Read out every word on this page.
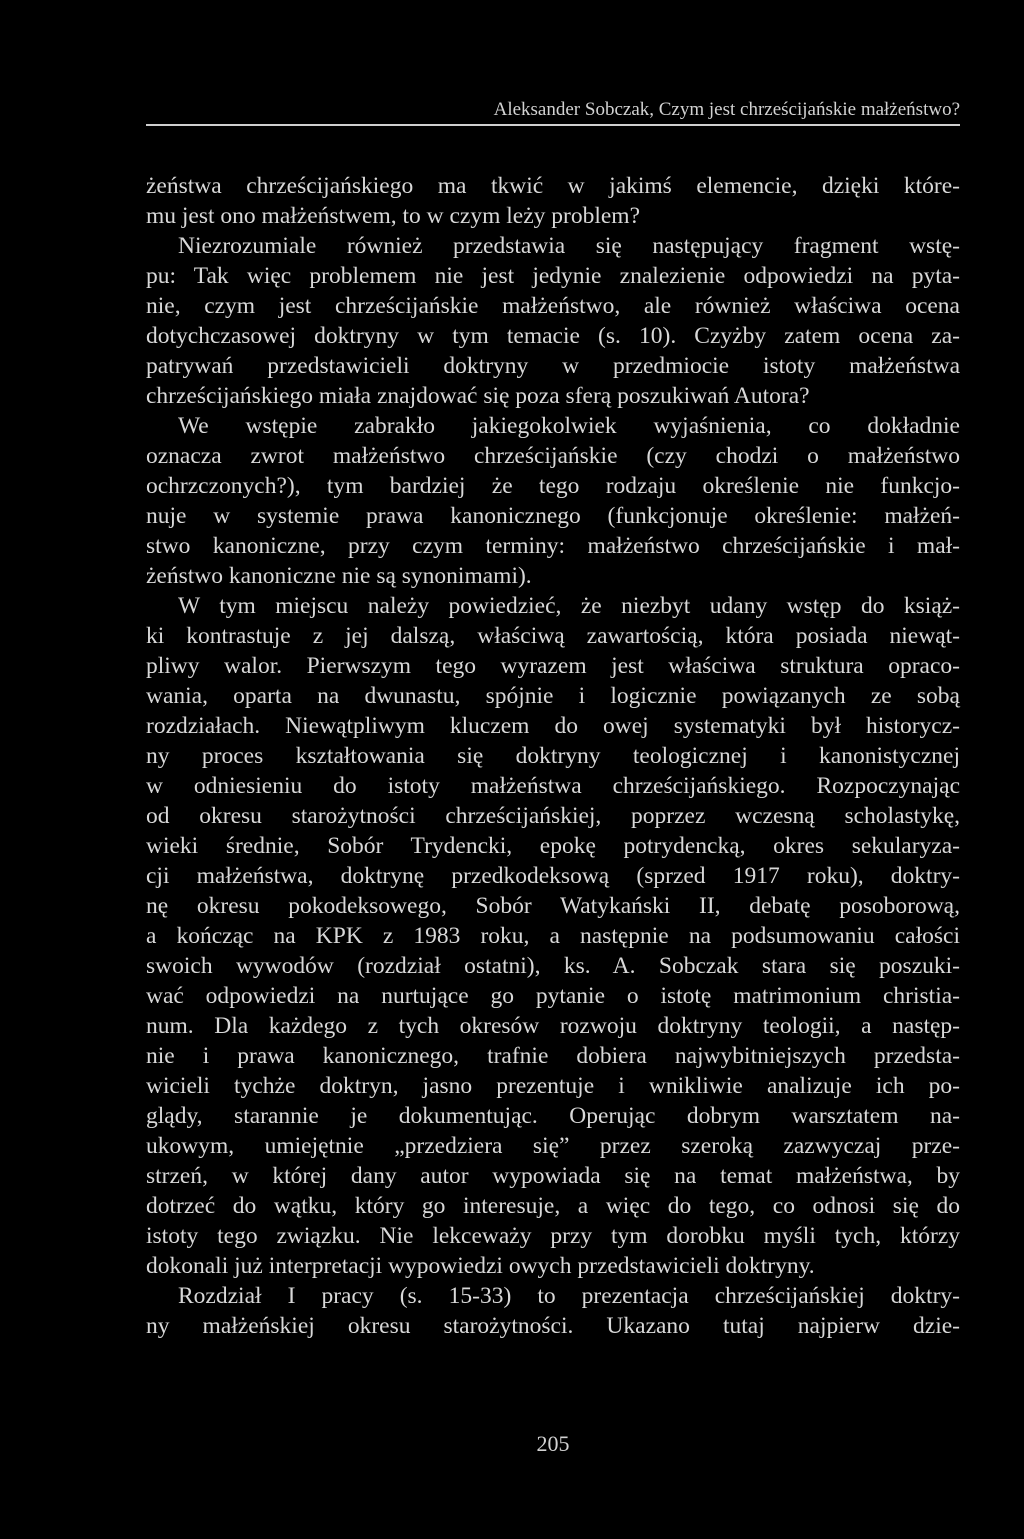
Aleksander Sobczak, Czym jest chrześcijańskie małżeństwo?
żeństwa chrześcijańskiego ma tkwić w jakimś elemencie, dzięki które-
mu jest ono małżeństwem, to w czym leży problem?
Niezrozumiale również przedstawia się następujący fragment wstę-
pu: Tak więc problemem nie jest jedynie znalezienie odpowiedzi na pyta-
nie, czym jest chrześcijańskie małżeństwo, ale również właściwa ocena
dotychczasowej doktryny w tym temacie (s. 10). Czyżby zatem ocena za-
patrywań przedstawicieli doktryny w przedmiocie istoty małżeństwa
chrześcijańskiego miała znajdować się poza sferą poszukiwań Autora?
We wstępie zabrakło jakiegokolwiek wyjaśnienia, co dokładnie
oznacza zwrot małżeństwo chrześcijańskie (czy chodzi o małżeństwo
ochrzczonych?), tym bardziej że tego rodzaju określenie nie funkcjo-
nuje w systemie prawa kanonicznego (funkcjonuje określenie: małżeń-
stwo kanoniczne, przy czym terminy: małżeństwo chrześcijańskie i mał-
żeństwo kanoniczne nie są synonimami).
W tym miejscu należy powiedzieć, że niezbyt udany wstęp do książ-
ki kontrastuje z jej dalszą, właściwą zawartością, która posiada niewąt-
pliwy walor. Pierwszym tego wyrazem jest właściwa struktura opraco-
wania, oparta na dwunastu, spójnie i logicznie powiązanych ze sobą
rozdziałach. Niewątpliwym kluczem do owej systematyki był historycz-
ny proces kształtowania się doktryny teologicznej i kanonistycznej
w odniesieniu do istoty małżeństwa chrześcijańskiego. Rozpoczynając
od okresu starożytności chrześcijańskiej, poprzez wczesną scholastykę,
wieki średnie, Sobór Trydencki, epokę potrydencką, okres sekularyza-
cji małżeństwa, doktrynę przedkodeksową (sprzed 1917 roku), doktry-
nę okresu pokodeksowego, Sobór Watykański II, debatę posoborową,
a kończąc na KPK z 1983 roku, a następnie na podsumowaniu całości
swoich wywodów (rozdział ostatni), ks. A. Sobczak stara się poszuki-
wać odpowiedzi na nurtujące go pytanie o istotę matrimonium christia-
num. Dla każdego z tych okresów rozwoju doktryny teologii, a następ-
nie i prawa kanonicznego, trafnie dobiera najwybitniejszych przedsta-
wicieli tychże doktryn, jasno prezentuje i wnikliwie analizuje ich po-
glądy, starannie je dokumentując. Operując dobrym warsztatem na-
ukowym, umiejętnie „przedziera się” przez szeroką zazwyczaj prze-
strzeń, w której dany autor wypowiada się na temat małżeństwa, by
dotrzeć do wątku, który go interesuje, a więc do tego, co odnosi się do
istoty tego związku. Nie lekceważy przy tym dorobku myśli tych, którzy
dokonali już interpretacji wypowiedzi owych przedstawicieli doktryny.
Rozdział I pracy (s. 15-33) to prezentacja chrześcijańskiej doktry-
ny małżeńskiej okresu starożytności. Ukazano tutaj najpierw dzie-
205
